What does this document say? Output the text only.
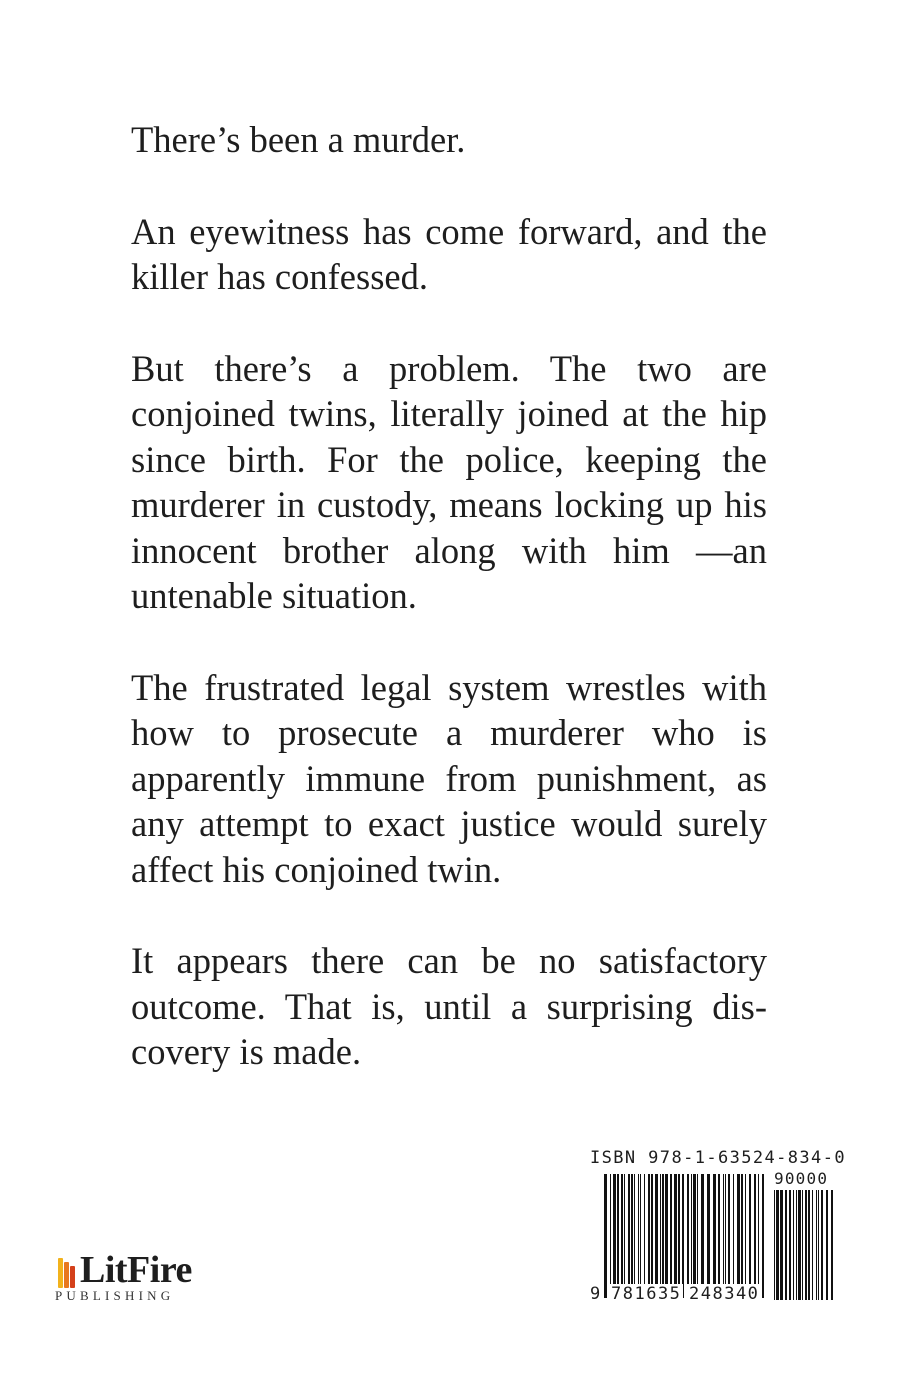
There’s been a murder.

An eyewitness has come forward, and the killer has confessed.

But there’s a problem. The two are conjoined twins, literally joined at the hip since birth. For the police, keeping the murderer in custody, means locking up his innocent brother along with him —an untenable situation.

The frustrated legal system wrestles with how to prosecute a murderer who is apparently immune from punishment, as any attempt to exact justice would surely affect his conjoined twin.

It appears there can be no satisfactory outcome. That is, until a surprising dis-covery is made.

ISBN 978-1-63524-834-0
90000

9

781635

248340

LitFire
PUBLISHING
